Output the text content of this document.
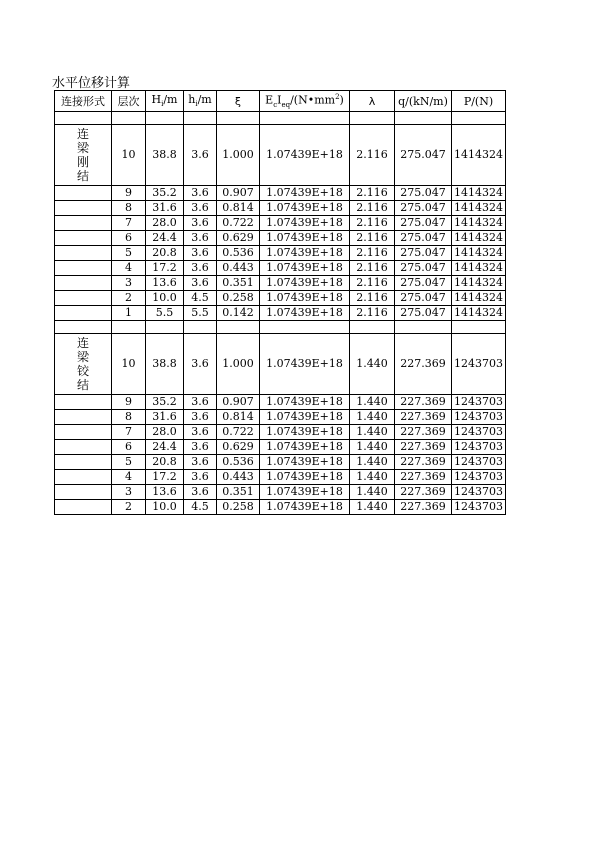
水平位移计算
连接形式	层次	$H_i/m$	$h_i/m$	ξ	$E_cI_{eq}/(N•mm^2)$	λ	q/(kN/m)	P/(N)

连
梁
刚
结	10	38.8	3.6	1.000	1.07439E+18	2.116	275.047	1414324
	9	35.2	3.6	0.907	1.07439E+18	2.116	275.047	1414324
	8	31.6	3.6	0.814	1.07439E+18	2.116	275.047	1414324
	7	28.0	3.6	0.722	1.07439E+18	2.116	275.047	1414324
	6	24.4	3.6	0.629	1.07439E+18	2.116	275.047	1414324
	5	20.8	3.6	0.536	1.07439E+18	2.116	275.047	1414324
	4	17.2	3.6	0.443	1.07439E+18	2.116	275.047	1414324
	3	13.6	3.6	0.351	1.07439E+18	2.116	275.047	1414324
	2	10.0	4.5	0.258	1.07439E+18	2.116	275.047	1414324
	1	5.5	5.5	0.142	1.07439E+18	2.116	275.047	1414324

连
梁
铰
结	10	38.8	3.6	1.000	1.07439E+18	1.440	227.369	1243703
	9	35.2	3.6	0.907	1.07439E+18	1.440	227.369	1243703
	8	31.6	3.6	0.814	1.07439E+18	1.440	227.369	1243703
	7	28.0	3.6	0.722	1.07439E+18	1.440	227.369	1243703
	6	24.4	3.6	0.629	1.07439E+18	1.440	227.369	1243703
	5	20.8	3.6	0.536	1.07439E+18	1.440	227.369	1243703
	4	17.2	3.6	0.443	1.07439E+18	1.440	227.369	1243703
	3	13.6	3.6	0.351	1.07439E+18	1.440	227.369	1243703
	2	10.0	4.5	0.258	1.07439E+18	1.440	227.369	1243703
